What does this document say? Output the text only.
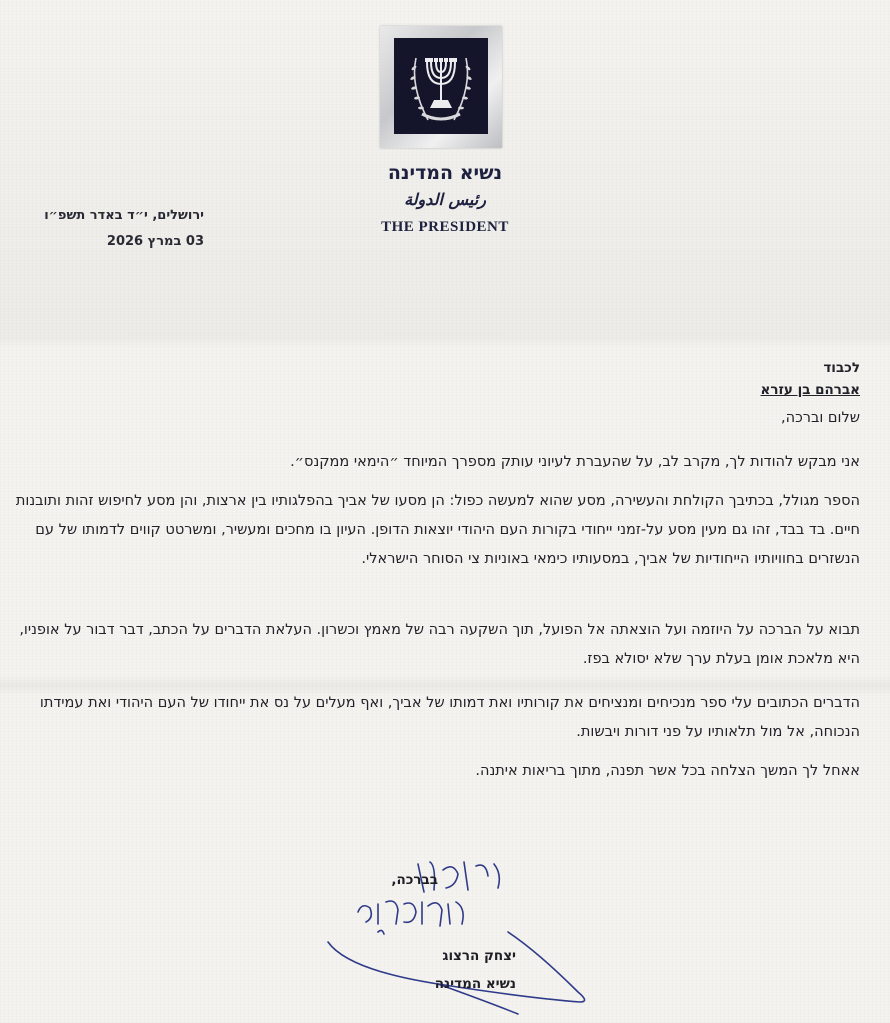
נשיא המדינה
رئيس الدولة
THE PRESIDENT
ירושלים, י״ד באדר תשפ״ו
03 במרץ 2026
לכבוד
אברהם בן עזרא
שלום וברכה,
אני מבקש להודות לך, מקרב לב, על שהעברת לעיוני עותק מספרך המיוחד ״הימאי ממקנס״.
הספר מגולל, בכתיבך הקולחת והעשירה, מסע שהוא למעשה כפול: הן מסעו של אביך בהפלגותיו בין ארצות, והן מסע לחיפוש זהות ותובנות חיים. בד בבד, זהו גם מעין מסע על-זמני ייחודי בקורות העם היהודי יוצאות הדופן. העיון בו מחכים ומעשיר, ומשרטט קווים לדמותו של עם הנשזרים בחוויותיו הייחודיות של אביך, במסעותיו כימאי באוניות צי הסוחר הישראלי.
תבוא על הברכה על היוזמה ועל הוצאתה אל הפועל, תוך השקעה רבה של מאמץ וכשרון. העלאת הדברים על הכתב, דבר דבור על אופניו, היא מלאכת אומן בעלת ערך שלא יסולא בפז.
הדברים הכתובים עלי ספר מנכיחים ומנציחים את קורותיו ואת דמותו של אביך, ואף מעלים על נס את ייחודו של העם היהודי ואת עמידתו הנכוחה, אל מול תלאותיו על פני דורות ויבשות.
אאחל לך המשך הצלחה בכל אשר תפנה, מתוך בריאות איתנה.
בברכה,
יצחק הרצוג
נשיא המדינה
